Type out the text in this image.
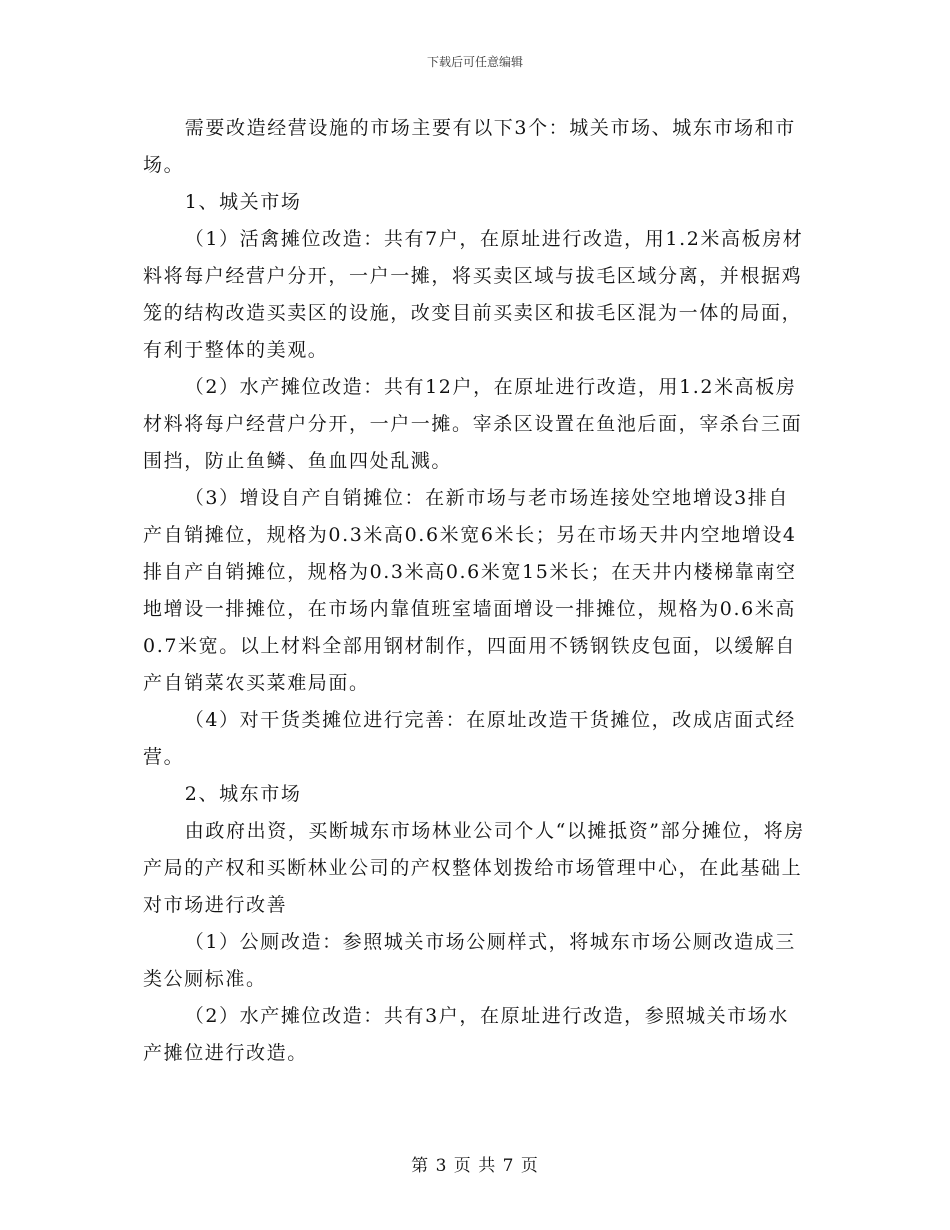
下载后可任意编辑

需要改造经营设施的市场主要有以下3个：城关市场、城东市场和市场。

1、城关市场

（1）活禽摊位改造：共有7户，在原址进行改造，用1.2米高板房材料将每户经营户分开，一户一摊，将买卖区域与拔毛区域分离，并根据鸡笼的结构改造买卖区的设施，改变目前买卖区和拔毛区混为一体的局面，有利于整体的美观。

（2）水产摊位改造：共有12户，在原址进行改造，用1.2米高板房材料将每户经营户分开，一户一摊。宰杀区设置在鱼池后面，宰杀台三面围挡，防止鱼鳞、鱼血四处乱溅。

（3）增设自产自销摊位：在新市场与老市场连接处空地增设3排自产自销摊位，规格为0.3米高0.6米宽6米长；另在市场天井内空地增设4排自产自销摊位，规格为0.3米高0.6米宽15米长；在天井内楼梯靠南空地增设一排摊位，在市场内靠值班室墙面增设一排摊位，规格为0.6米高0.7米宽。以上材料全部用钢材制作，四面用不锈钢铁皮包面，以缓解自产自销菜农买菜难局面。

（4）对干货类摊位进行完善：在原址改造干货摊位，改成店面式经营。

2、城东市场

由政府出资，买断城东市场林业公司个人“以摊抵资”部分摊位，将房产局的产权和买断林业公司的产权整体划拨给市场管理中心，在此基础上对市场进行改善

（1）公厕改造：参照城关市场公厕样式，将城东市场公厕改造成三类公厕标准。

（2）水产摊位改造：共有3户，在原址进行改造，参照城关市场水产摊位进行改造。

第 3 页 共 7 页
